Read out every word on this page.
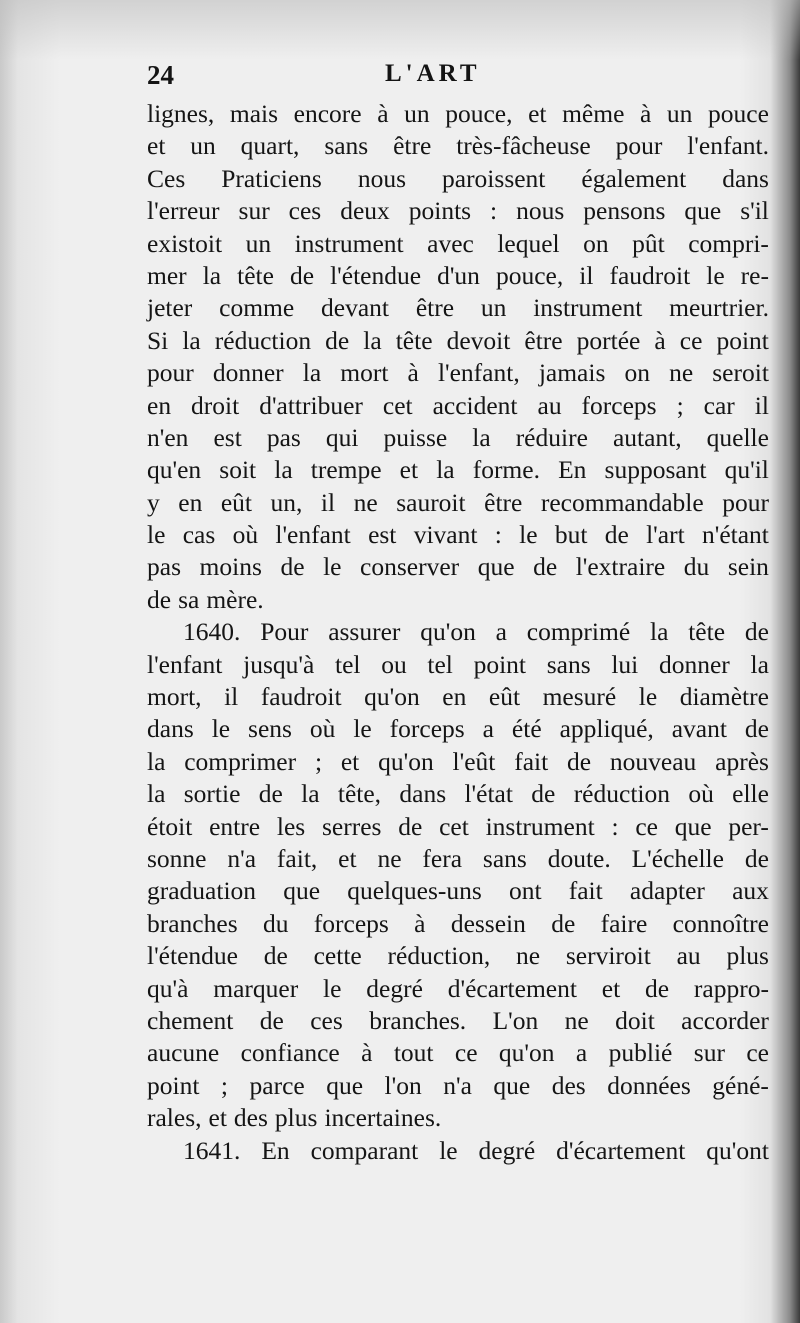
24	L'ART
lignes, mais encore à un pouce, et même à un pouce
et un quart, sans être très-fâcheuse pour l'enfant.
Ces Praticiens nous paroissent également dans
l'erreur sur ces deux points : nous pensons que s'il
existoit un instrument avec lequel on pût compri-
mer la tête de l'étendue d'un pouce, il faudroit le re-
jeter comme devant être un instrument meurtrier.
Si la réduction de la tête devoit être portée à ce point
pour donner la mort à l'enfant, jamais on ne seroit
en droit d'attribuer cet accident au forceps ; car il
n'en est pas qui puisse la réduire autant, quelle
qu'en soit la trempe et la forme. En supposant qu'il
y en eût un, il ne sauroit être recommandable pour
le cas où l'enfant est vivant : le but de l'art n'étant
pas moins de le conserver que de l'extraire du sein
de sa mère.
1640. Pour assurer qu'on a comprimé la tête de
l'enfant jusqu'à tel ou tel point sans lui donner la
mort, il faudroit qu'on en eût mesuré le diamètre
dans le sens où le forceps a été appliqué, avant de
la comprimer ; et qu'on l'eût fait de nouveau après
la sortie de la tête, dans l'état de réduction où elle
étoit entre les serres de cet instrument : ce que per-
sonne n'a fait, et ne fera sans doute. L'échelle de
graduation que quelques-uns ont fait adapter aux
branches du forceps à dessein de faire connoître
l'étendue de cette réduction, ne serviroit au plus
qu'à marquer le degré d'écartement et de rappro-
chement de ces branches. L'on ne doit accorder
aucune confiance à tout ce qu'on a publié sur ce
point ; parce que l'on n'a que des données géné-
rales, et des plus incertaines.
1641. En comparant le degré d'écartement qu'ont
